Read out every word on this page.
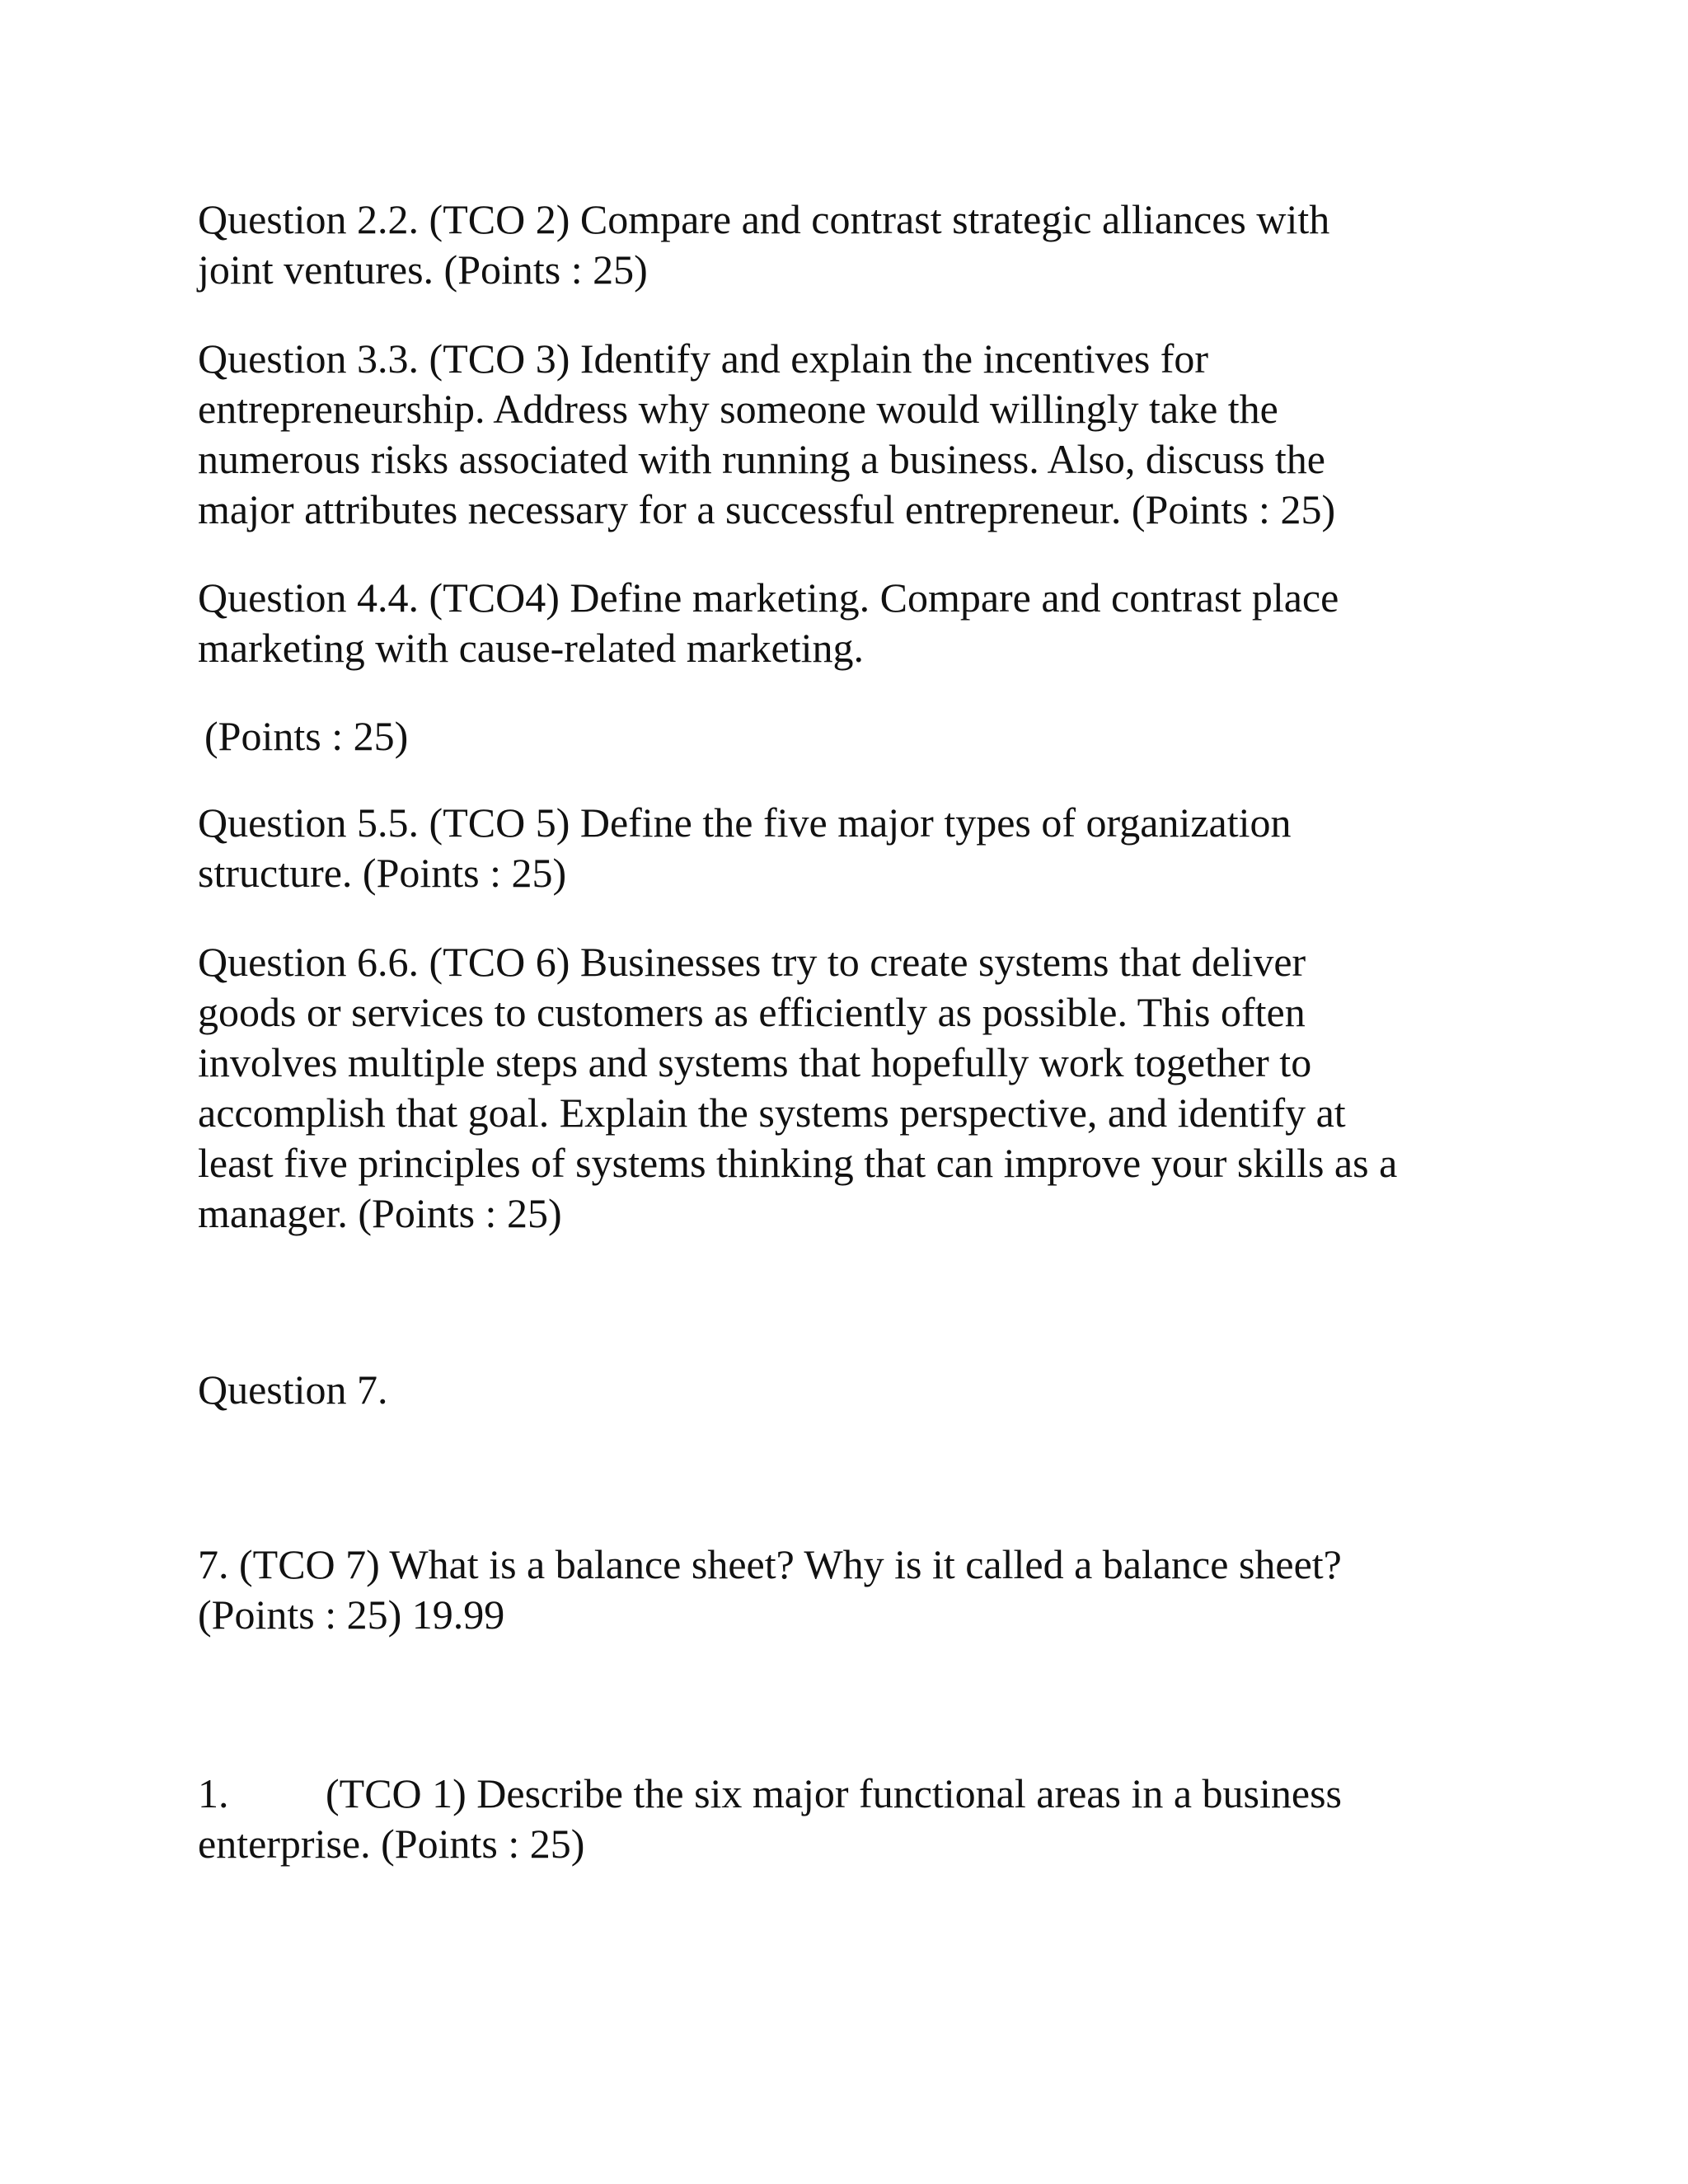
Question 2.2. (TCO 2) Compare and contrast strategic alliances with
joint ventures. (Points : 25)

Question 3.3. (TCO 3) Identify and explain the incentives for
entrepreneurship. Address why someone would willingly take the
numerous risks associated with running a business. Also, discuss the
major attributes necessary for a successful entrepreneur. (Points : 25)

Question 4.4. (TCO4) Define marketing. Compare and contrast place
marketing with cause-related marketing.

(Points : 25)

Question 5.5. (TCO 5) Define the five major types of organization
structure. (Points : 25)

Question 6.6. (TCO 6) Businesses try to create systems that deliver
goods or services to customers as efficiently as possible. This often
involves multiple steps and systems that hopefully work together to
accomplish that goal. Explain the systems perspective, and identify at
least five principles of systems thinking that can improve your skills as a
manager. (Points : 25)

Question 7.

7. (TCO 7) What is a balance sheet? Why is it called a balance sheet?
(Points : 25) 19.99

1. (TCO 1) Describe the six major functional areas in a business
enterprise. (Points : 25)
